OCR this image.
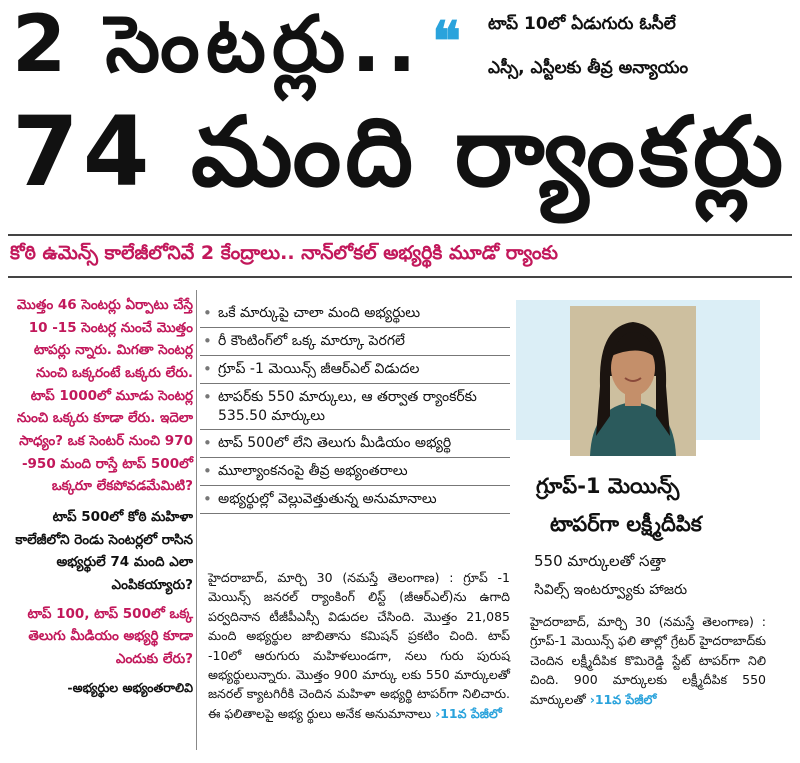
2 సెంటర్లు.. ❝ టాప్‌ 10లో ఏడుగురు ఓసీలే
ఎస్సీ, ఎస్టీలకు తీవ్ర అన్యాయం
74 మంది ర్యాంకర్లు
కోఠి ఉమెన్స్‌ కాలేజీలోనివే 2 కేంద్రాలు.. నాన్‌లోకల్‌ అభ్యర్థికి మూడో ర్యాంకు

మొత్తం 46 సెంటర్లు ఏర్పాటు చేస్తే 10 -15 సెంటర్ల నుంచే మొత్తం టాపర్లు న్నారు. మిగతా సెంటర్ల నుంచి ఒక్కరంటే ఒక్కరు లేరు. టాప్‌ 1000లో మూడు సెంటర్ల నుంచి ఒక్కరు కూడా లేరు. ఇదెలా సాధ్యం? ఒక సెంటర్‌ నుంచి 970 -950 మంది రాస్తే టాప్‌ 500లో ఒక్కరూ లేకపోవడమేమిటి?

టాప్‌ 500లో కోఠి మహిళా కాలేజీలోని రెండు సెంటర్లలో రాసిన అభ్యర్థులే 74 మంది ఎలా ఎంపికయ్యారు?

టాప్‌ 100, టాప్‌ 500లో ఒక్క తెలుగు మీడియం అభ్యర్థి కూడా ఎందుకు లేరు?

-అభ్యర్థుల అభ్యంతరాలివి

• ఒకే మార్కుపై చాలా మంది అభ్యర్థులు
• రీ కౌంటింగ్‌లో ఒక్క మార్కూ పెరగలే
• గ్రూప్‌ -1 మెయిన్స్‌ జీఆర్‌ఎల్‌ విడుదల
• టాపర్‌కు 550 మార్కులు, ఆ తర్వాత ర్యాంకర్‌కు 535.50 మార్కులు
• టాప్‌ 500లో లేని తెలుగు మీడియం అభ్యర్థి
• మూల్యాంకనంపై తీవ్ర అభ్యంతరాలు
• అభ్యర్థుల్లో వెల్లువెత్తుతున్న అనుమానాలు
హైదరాబాద్‌, మార్చి 30 (నమస్తే తెలంగాణ) : గ్రూప్‌ -1 మెయిన్స్‌ జనరల్‌ ర్యాంకింగ్‌ లిస్ట్‌ (జీఆర్‌ఎల్‌)ను ఉగాది పర్వదినాన టీజీపీఎస్సీ విడుదల చేసింది. మొత్తం 21,085 మంది అభ్యర్థుల జాబితాను కమిషన్‌ ప్రకటిం చింది. టాప్‌ -10లో ఆరుగురు మహిళలుండగా, నలు గురు పురుష అభ్యర్థులున్నారు. మొత్తం 900 మార్కు లకు 550 మార్కులతో జనరల్‌ క్యాటగిరీకి చెందిన మహిళా అభ్యర్థి టాపర్‌గా నిలిచారు. ఈ ఫలితాలపై అభ్య ర్థులు అనేక అనుమానాలు ›11వ పేజీలో
గ్రూప్‌-1 మెయిన్స్‌
టాపర్‌గా లక్ష్మీదీపిక
550 మార్కులతో సత్తా
సివిల్స్‌ ఇంటర్వ్యూకు హాజరు
హైదరాబాద్‌, మార్చి 30 (నమస్తే తెలంగాణ) : గ్రూప్‌-1 మెయిన్స్‌ ఫలి తాల్లో గ్రేటర్‌ హైదరాబాద్‌కు చెందిన లక్ష్మీదీపిక కొమిరెడ్డి స్టేట్‌ టాపర్‌గా నిలి చింది. 900 మార్కులకు లక్ష్మీదీపిక 550 మార్కులతో ›11వ పేజీలో
